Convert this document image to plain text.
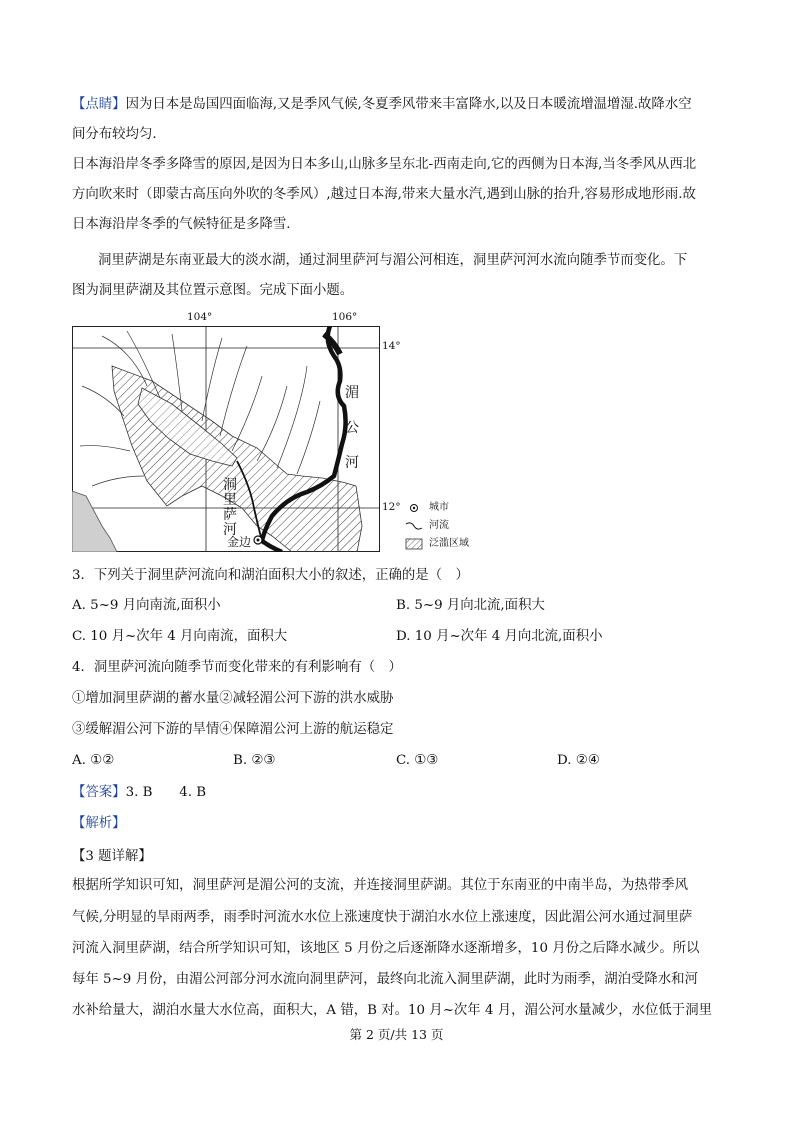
【点睛】因为日本是岛国四面临海,又是季风气候,冬夏季风带来丰富降水,以及日本暖流增温增湿.故降水空
间分布较均匀.
日本海沿岸冬季多降雪的原因,是因为日本多山,山脉多呈东北-西南走向,它的西侧为日本海,当冬季风从西北
方向吹来时（即蒙古高压向外吹的冬季风）,越过日本海,带来大量水汽,遇到山脉的抬升,容易形成地形雨.故
日本海沿岸冬季的气候特征是多降雪.
洞里萨湖是东南亚最大的淡水湖，通过洞里萨河与湄公河相连，洞里萨河河水流向随季节而变化。下
图为洞里萨湖及其位置示意图。完成下面小题。
104°	106°
14°
12°
湄
公
河
洞
里
萨
河
金边
城市
河流
泛滥区域
3．下列关于洞里萨河流向和湖泊面积大小的叙述，正确的是（　）
A. 5~9 月向南流,面积小	B. 5~9 月向北流,面积大
C. 10 月~次年 4 月向南流，面积大	D. 10 月~次年 4 月向北流,面积小
4．洞里萨河流向随季节而变化带来的有利影响有（　）
①增加洞里萨湖的蓄水量②减轻湄公河下游的洪水威胁
③缓解湄公河下游的旱情④保障湄公河上游的航运稳定
A. ①②	B. ②③	C. ①③	D. ②④
【答案】3. B　　4. B
【解析】
【3 题详解】
根据所学知识可知，洞里萨河是湄公河的支流，并连接洞里萨湖。其位于东南亚的中南半岛，为热带季风
气候,分明显的旱雨两季，雨季时河流水水位上涨速度快于湖泊水水位上涨速度，因此湄公河水通过洞里萨
河流入洞里萨湖，结合所学知识可知，该地区 5 月份之后逐渐降水逐渐增多，10 月份之后降水减少。所以
每年 5~9 月份，由湄公河部分河水流向洞里萨河，最终向北流入洞里萨湖，此时为雨季，湖泊受降水和河
水补给量大，湖泊水量大水位高，面积大，A 错，B 对。10 月~次年 4 月，湄公河水量减少，水位低于洞里
第 2 页/共 13 页
